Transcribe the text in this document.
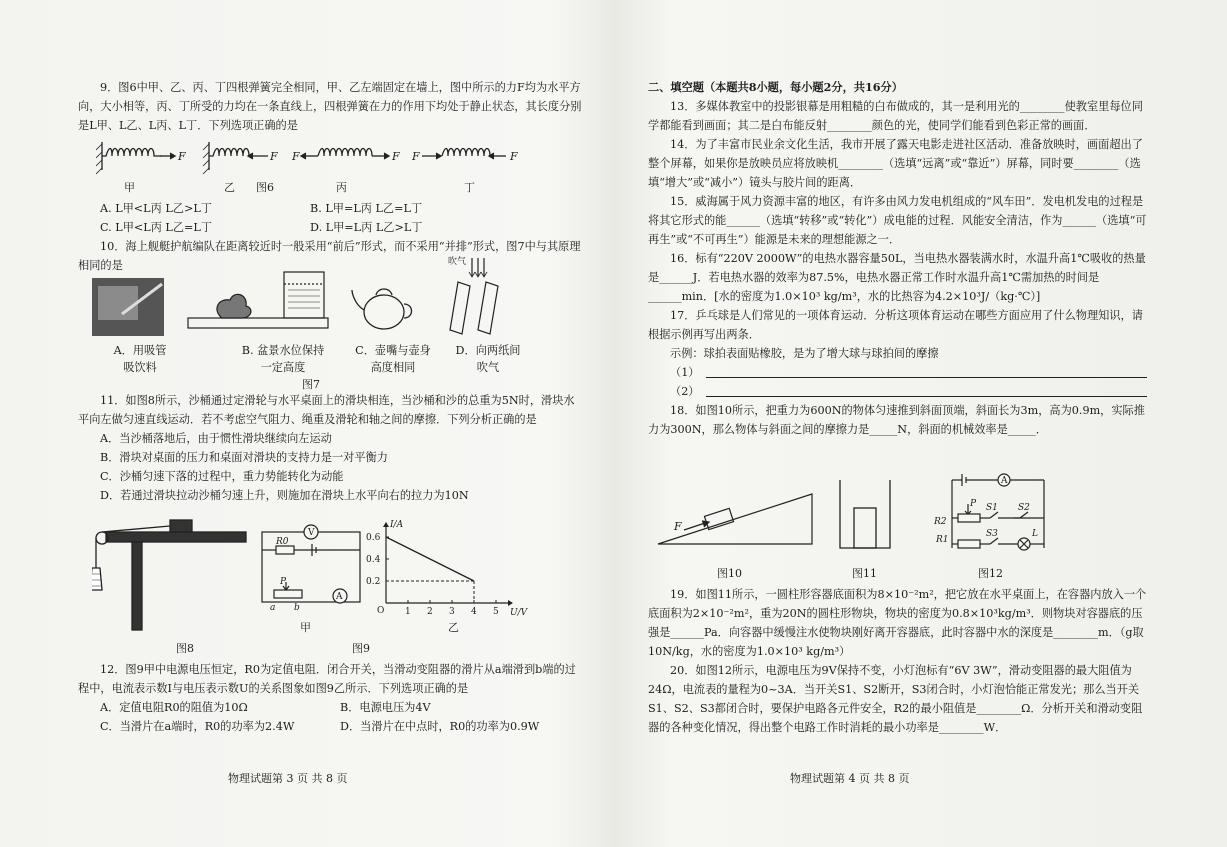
9．图6中甲、乙、丙、丁四根弹簧完全相同，甲、乙左端固定在墙上，图中所示的力F均为水平方向，大小相等，丙、丁所受的力均在一条直线上，四根弹簧在力的作用下均处于静止状态，其长度分别是L甲、L乙、L丙、L丁．下列选项正确的是

F	F F	F F	F
甲	乙	丙	丁
图6

A. L甲<L丙 L乙>L丁	B. L甲=L丙 L乙=L丁

C. L甲<L丙 L乙=L丁	D. L甲=L丙 L乙>L丁

10．海上舰艇护航编队在距离较近时一般采用“前后”形式，而不采用“并排”形式，图7中与其原理相同的是	吹气
A．用吸管
吸饮料
B. 盆景水位保持
一定高度
C．壶嘴与壶身
高度相同
D．向两纸间
吹气
图7

11．如图8所示，沙桶通过定滑轮与水平桌面上的滑块相连，当沙桶和沙的总重为5N时，滑块水平向左做匀速直线运动．若不考虑空气阻力、绳重及滑轮和轴之间的摩擦．下列分析正确的是

A．当沙桶落地后，由于惯性滑块继续向左运动

B．滑块对桌面的压力和桌面对滑块的支持力是一对平衡力

C．沙桶匀速下落的过程中，重力势能转化为动能

D．若通过滑块拉动沙桶匀速上升，则施加在滑块上水平向右的拉力为10N

图8
V
A
R0
P
a b
甲
I/A
U/V
O 1 2 3 4 5
0.2
0.4
0.6
乙
图9

12．图9甲中电源电压恒定，R0为定值电阻．闭合开关，当滑动变阻器的滑片从a端滑到b端的过程中，电流表示数I与电压表示数U的关系图象如图9乙所示．下列选项正确的是

A．定值电阻R0的阻值为10Ω	B．电源电压为4V

C．当滑片在a端时，R0的功率为2.4W	D．当滑片在中点时，R0的功率为0.9W

物理试题第 3 页 共 8 页

二、填空题（本题共8小题，每小题2分，共16分）

13．多媒体教室中的投影银幕是用粗糙的白布做成的，其一是利用光的________使教室里每位同学都能看到画面；其二是白布能反射________颜色的光，使同学们能看到色彩正常的画面．

14．为了丰富市民业余文化生活，我市开展了露天电影走进社区活动．准备放映时，画面超出了整个屏幕，如果你是放映员应将放映机________（选填“远离”或“靠近”）屏幕，同时要________（选填“增大”或“减小”）镜头与胶片间的距离．

15．威海属于风力资源丰富的地区，有许多由风力发电机组成的“风车田”．发电机发电的过程是将其它形式的能______（选填“转移”或“转化”）成电能的过程．风能安全清洁，作为______（选填“可再生”或“不可再生”）能源是未来的理想能源之一．

16．标有“220V 2000W”的电热水器容量50L，当电热水器装满水时，水温升高1℃吸收的热量是______J．若电热水器的效率为87.5%，电热水器正常工作时水温升高1℃需加热的时间是______min．[水的密度为1.0×10³ kg/m³，水的比热容为4.2×10³J/（kg·℃）]

17．乒乓球是人们常见的一项体育运动．分析这项体育运动在哪些方面应用了什么物理知识，请根据示例再写出两条．

示例：球拍表面贴橡胶，是为了增大球与球拍间的摩擦

（1）

（2）

18．如图10所示，把重力为600N的物体匀速推到斜面顶端，斜面长为3m，高为0.9m，实际推力为300N，那么物体与斜面之间的摩擦力是_____N，斜面的机械效率是_____．

F
图10	图11
A
R2
P S1 S2
R1
S3	L
图12

19．如图11所示，一圆柱形容器底面积为8×10⁻²m²，把它放在水平桌面上，在容器内放入一个底面积为2×10⁻²m²，重为20N的圆柱形物块，物块的密度为0.8×10³kg/m³．则物块对容器底的压强是______Pa．向容器中缓慢注水使物块刚好离开容器底，此时容器中水的深度是________m．（g取10N/kg，水的密度为1.0×10³ kg/m³）

20．如图12所示，电源电压为9V保持不变，小灯泡标有“6V 3W”，滑动变阻器的最大阻值为24Ω，电流表的量程为0~3A．当开关S1、S2断开，S3闭合时，小灯泡恰能正常发光；那么当开关S1、S2、S3都闭合时，要保护电路各元件安全，R2的最小阻值是________Ω．分析开关和滑动变阻器的各种变化情况，得出整个电路工作时消耗的最小功率是________W．

物理试题第 4 页 共 8 页
